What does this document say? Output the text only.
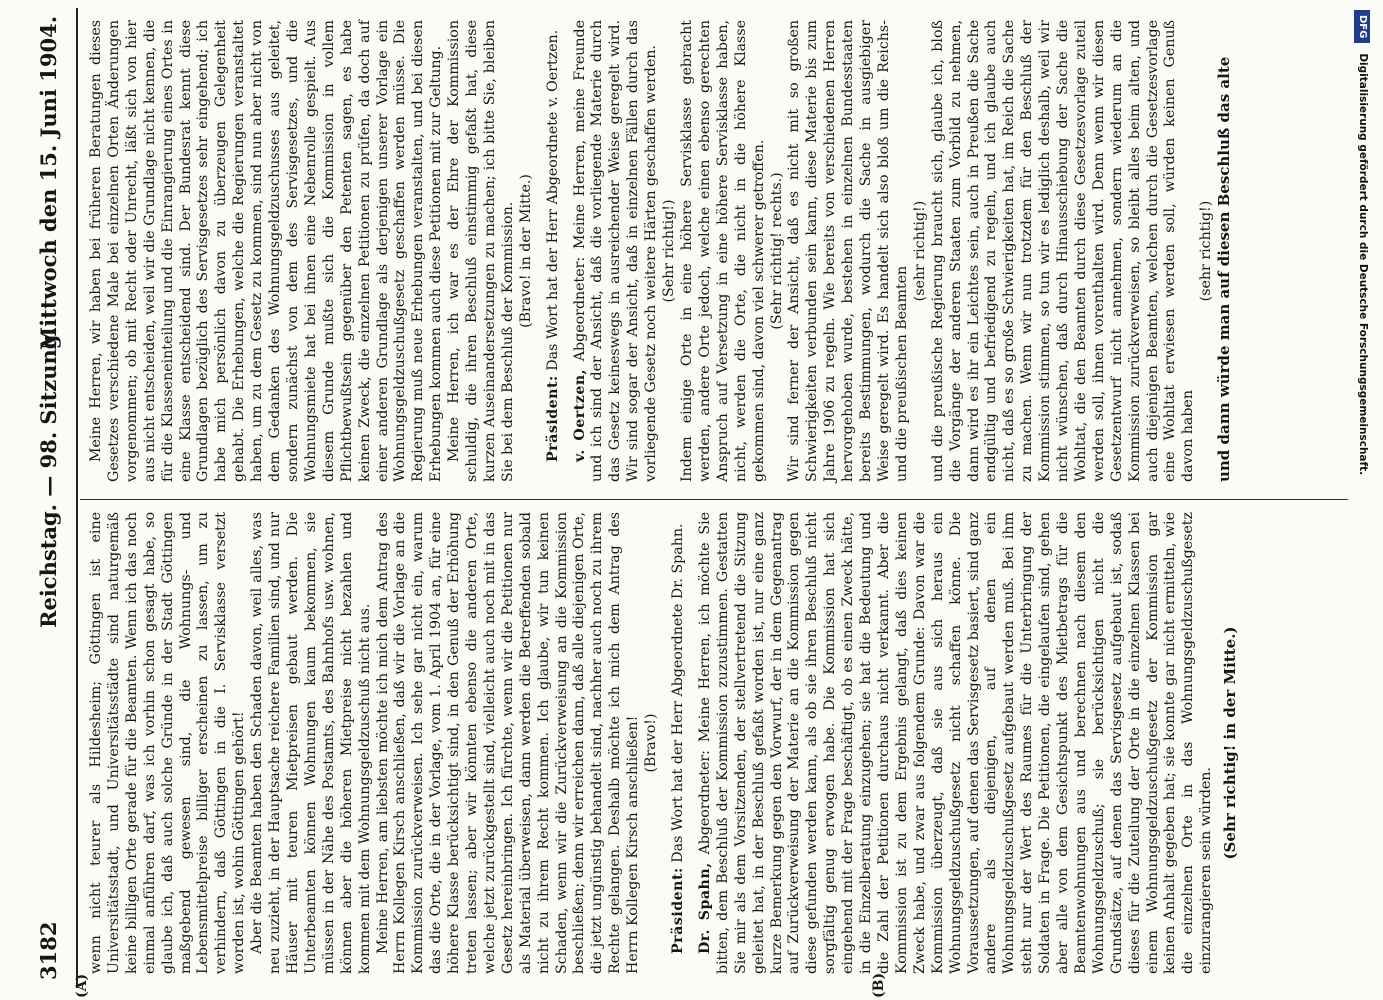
3182
Reichstag. — 98. Sitzung.
Mittwoch den 15. Juni 1904.
(A)	(B)

wenn nicht teurer als Hildesheim; Göttingen ist eine Universitätsstadt, und Universitätsstädte sind naturgemäß keine billigen Orte gerade für die Beamten. Wenn ich das noch einmal anführen darf, was ich vorhin schon gesagt habe, so glaube ich, daß auch solche Gründe in der Stadt Göttingen maßgebend gewesen sind, die Wohnungs- und Lebensmittelpreise billiger erscheinen zu lassen, um zu verhindern, daß Göttingen in die I. Servisklasse versetzt worden ist, wohin Göttingen gehört! Aber die Beamten haben den Schaden davon, weil alles, was neu zuzieht, in der Hauptsache reichere Familien sind, und nur Häuser mit teuren Mietpreisen gebaut werden. Die Unterbeamten können Wohnungen kaum bekommen, sie müssen in der Nähe des Postamts, des Bahnhofs usw. wohnen, können aber die höheren Mietpreise nicht bezahlen und kommen mit dem Wohnungsgeldzuschuß nicht aus. Meine Herren, am liebsten möchte ich mich dem Antrag des Herrn Kollegen Kirsch anschließen, daß wir die Vorlage an die Kommission zurückverweisen. Ich sehe gar nicht ein, warum das die Orte, die in der Vorlage, vom 1. April 1904 an, für eine höhere Klasse berücksichtigt sind, in den Genuß der Erhöhung treten lassen; aber wir könnten ebenso die anderen Orte, welche jetzt zurückgestellt sind, vielleicht auch noch mit in das Gesetz hereinbringen. Ich fürchte, wenn wir die Petitionen nur als Material überweisen, dann werden die Betreffenden sobald nicht zu ihrem Recht kommen. Ich glaube, wir tun keinen Schaden, wenn wir die Zurückverweisung an die Kommission beschließen; denn wir erreichen dann, daß alle diejenigen Orte, die jetzt ungünstig behandelt sind, nachher auch noch zu ihrem Rechte gelangen. Deshalb möchte ich mich dem Antrag des Herrn Kollegen Kirsch anschließen! (Bravo!)

Präsident: Das Wort hat der Herr Abgeordnete Dr. Spahn.

Dr. Spahn, Abgeordneter: Meine Herren, ich möchte Sie bitten, dem Beschluß der Kommission zuzustimmen. Gestatten Sie mir als dem Vorsitzenden, der stellvertretend die Sitzung geleitet hat, in der Beschluß gefaßt worden ist, nur eine ganz kurze Bemerkung gegen den Vorwurf, der in dem Gegenantrag auf Zurückverweisung der Materie an die Kommission gegen diese gefunden werden kann, als ob sie ihren Beschluß nicht sorgfältig genug erwogen habe. Die Kommission hat sich eingehend mit der Frage beschäftigt, ob es einen Zweck hätte, in die Einzelberatung einzugehen; sie hat die Bedeutung und die Zahl der Petitionen durchaus nicht verkannt. Aber die Kommission ist zu dem Ergebnis gelangt, daß dies keinen Zweck habe, und zwar aus folgendem Grunde: Davon war die Kommission überzeugt, daß sie aus sich heraus ein Wohnungsgeldzuschußgesetz nicht schaffen könne. Die Voraussetzungen, auf denen das Servisgesetz basiert, sind ganz andere als diejenigen, auf denen ein Wohnungsgeldzuschußgesetz aufgebaut werden muß. Bei ihm steht nur der Wert des Raumes für die Unterbringung der Soldaten in Frage. Die Petitionen, die eingelaufen sind, gehen aber alle von dem Gesichtspunkt des Mietbetrags für die Beamtenwohnungen aus und berechnen nach diesem den Wohnungsgeldzuschuß; sie berücksichtigen nicht die Grundsätze, auf denen das Servisgesetz aufgebaut ist, sodaß dieses für die Zuteilung der Orte in die einzelnen Klassen bei einem Wohnungsgeldzuschußgesetz der Kommission gar keinen Anhalt gegeben hat; sie konnte gar nicht ermitteln, wie die einzelnen Orte in das Wohnungsgeldzuschußgesetz einzurangieren sein würden.

(Sehr richtig! in der Mitte.)

Meine Herren, wir haben bei früheren Beratungen dieses Gesetzes verschiedene Male bei einzelnen Orten Änderungen vorgenommen; ob mit Recht oder Unrecht, läßt sich von hier aus nicht entscheiden, weil wir die Grundlage nicht kennen, die für die Klasseneinteilung und die Einrangierung eines Ortes in eine Klasse entscheidend sind. Der Bundesrat kennt diese Grundlagen bezüglich des Servisgesetzes sehr eingehend; ich habe mich persönlich davon zu überzeugen Gelegenheit gehabt. Die Erhebungen, welche die Regierungen veranstaltet haben, um zu dem Gesetz zu kommen, sind nun aber nicht von dem Gedanken des Wohnungsgeldzuschusses aus geleitet, sondern zunächst von dem des Servisgesetzes, und die Wohnungsmiete hat bei ihnen eine Nebenrolle gespielt. Aus diesem Grunde mußte sich die Kommission in vollem Pflichtbewußtsein gegenüber den Petenten sagen, es habe keinen Zweck, die einzelnen Petitionen zu prüfen, da doch auf einer anderen Grundlage als derjenigen unserer Vorlage ein Wohnungsgeldzuschußgesetz geschaffen werden müsse. Die Regierung muß neue Erhebungen veranstalten, und bei diesen Erhebungen kommen auch diese Petitionen mit zur Geltung. Meine Herren, ich war es der Ehre der Kommission schuldig, die ihren Beschluß einstimmig gefaßt hat, diese kurzen Auseinandersetzungen zu machen; ich bitte Sie, bleiben Sie bei dem Beschluß der Kommission. (Bravo! in der Mitte.)

Präsident: Das Wort hat der Herr Abgeordnete v. Oertzen.

v. Oertzen, Abgeordneter: Meine Herren, meine Freunde und ich sind der Ansicht, daß die vorliegende Materie durch das Gesetz keineswegs in ausreichender Weise geregelt wird. Wir sind sogar der Ansicht, daß in einzelnen Fällen durch das vorliegende Gesetz noch weitere Härten geschaffen werden. (Sehr richtig!) Indem einige Orte in eine höhere Servisklasse gebracht werden, andere Orte jedoch, welche einen ebenso gerechten Anspruch auf Versetzung in eine höhere Servisklasse haben, nicht, werden die Orte, die nicht in die höhere Klasse gekommen sind, davon viel schwerer getroffen. (Sehr richtig! rechts.) Wir sind ferner der Ansicht, daß es nicht mit so großen Schwierigkeiten verbunden sein kann, diese Materie bis zum Jahre 1906 zu regeln. Wie bereits von verschiedenen Herren hervorgehoben wurde, bestehen in einzelnen Bundesstaaten bereits Bestimmungen, wodurch die Sache in ausgiebiger Weise geregelt wird. Es handelt sich also bloß um die Reichs- und die preußischen Beamten

(sehr richtig!) und die preußische Regierung braucht sich, glaube ich, bloß die Vorgänge der anderen Staaten zum Vorbild zu nehmen, dann wird es ihr ein Leichtes sein, auch in Preußen die Sache endgültig und befriedigend zu regeln, und ich glaube auch nicht, daß es so große Schwierigkeiten hat, im Reich die Sache zu machen. Wenn wir nun trotzdem für den Beschluß der Kommission stimmen, so tun wir es lediglich deshalb, weil wir nicht wünschen, daß durch Hinausschiebung der Sache die Wohltat, die den Beamten durch diese Gesetzesvorlage zuteil werden soll, ihnen vorenthalten wird. Denn wenn wir diesen Gesetzentwurf nicht annehmen, sondern wiederum an die Kommission zurückverweisen, so bleibt alles beim alten, und auch diejenigen Beamten, welchen durch die Gesetzesvorlage eine Wohltat erwiesen werden soll, würden keinen Genuß davon haben

(sehr richtig!) und dann würde man auf diesen Beschluß das alte

DFGDigitalisierung gefördert durch die Deutsche Forschungsgemeinschaft.
